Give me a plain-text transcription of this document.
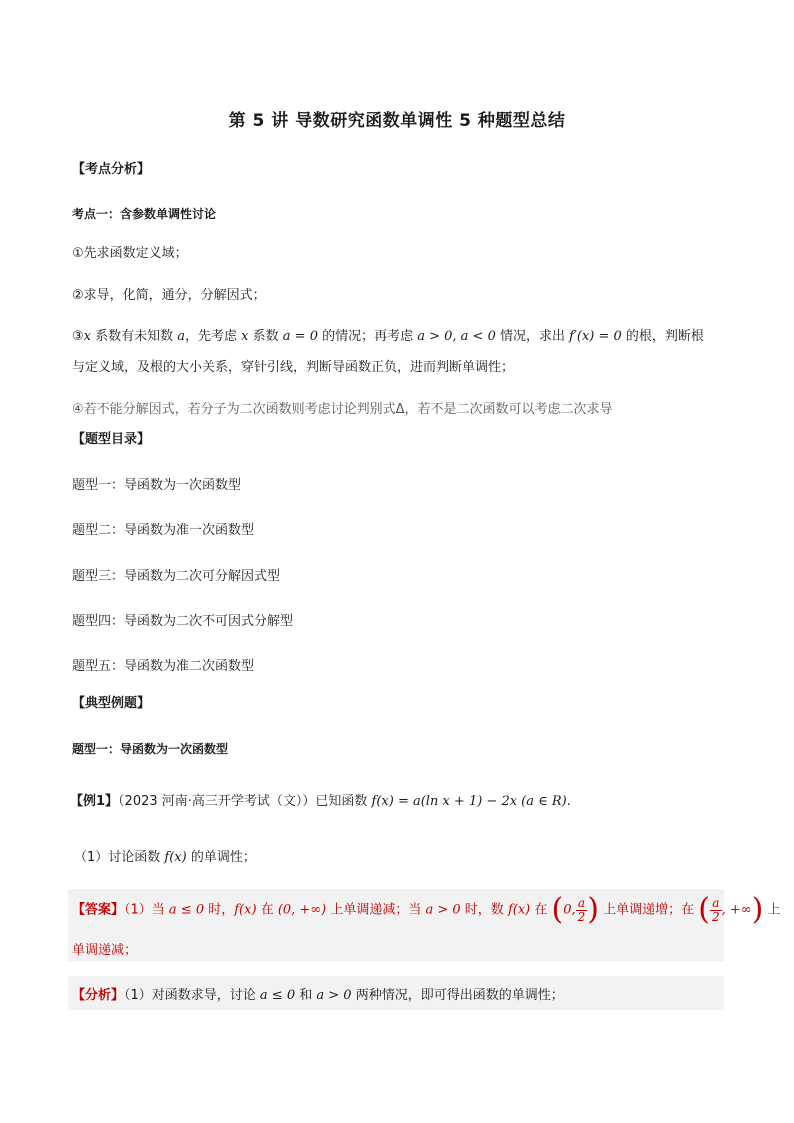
第 5 讲 导数研究函数单调性 5 种题型总结
【考点分析】
考点一：含参数单调性讨论
①先求函数定义域；
②求导，化简，通分，分解因式；
③x 系数有未知数 a，先考虑 x 系数 a = 0 的情况；再考虑 a > 0, a < 0 情况，求出 f′(x) = 0 的根，判断根
与定义域，及根的大小关系，穿针引线，判断导函数正负，进而判断单调性；
④若不能分解因式，若分子为二次函数则考虑讨论判别式Δ，若不是二次函数可以考虑二次求导
【题型目录】
题型一：导函数为一次函数型
题型二：导函数为准一次函数型
题型三：导函数为二次可分解因式型
题型四：导函数为二次不可因式分解型
题型五：导函数为准二次函数型
【典型例题】
题型一：导函数为一次函数型
【例1】（2023 河南·高三开学考试（文））已知函数 f(x) = a(ln x + 1) − 2x (a ∈ R).
（1）讨论函数 f(x) 的单调性；
【答案】（1）当 a ≤ 0 时，f(x) 在 (0, +∞) 上单调递减；当 a > 0 时，数 f(x) 在 (0, $\frac{a}{2}$ ) 上单调递增；在 ( $\frac{a}{2}$ , +∞) 上
单调递减；
【分析】（1）对函数求导，讨论 a ≤ 0 和 a > 0 两种情况，即可得出函数的单调性；
